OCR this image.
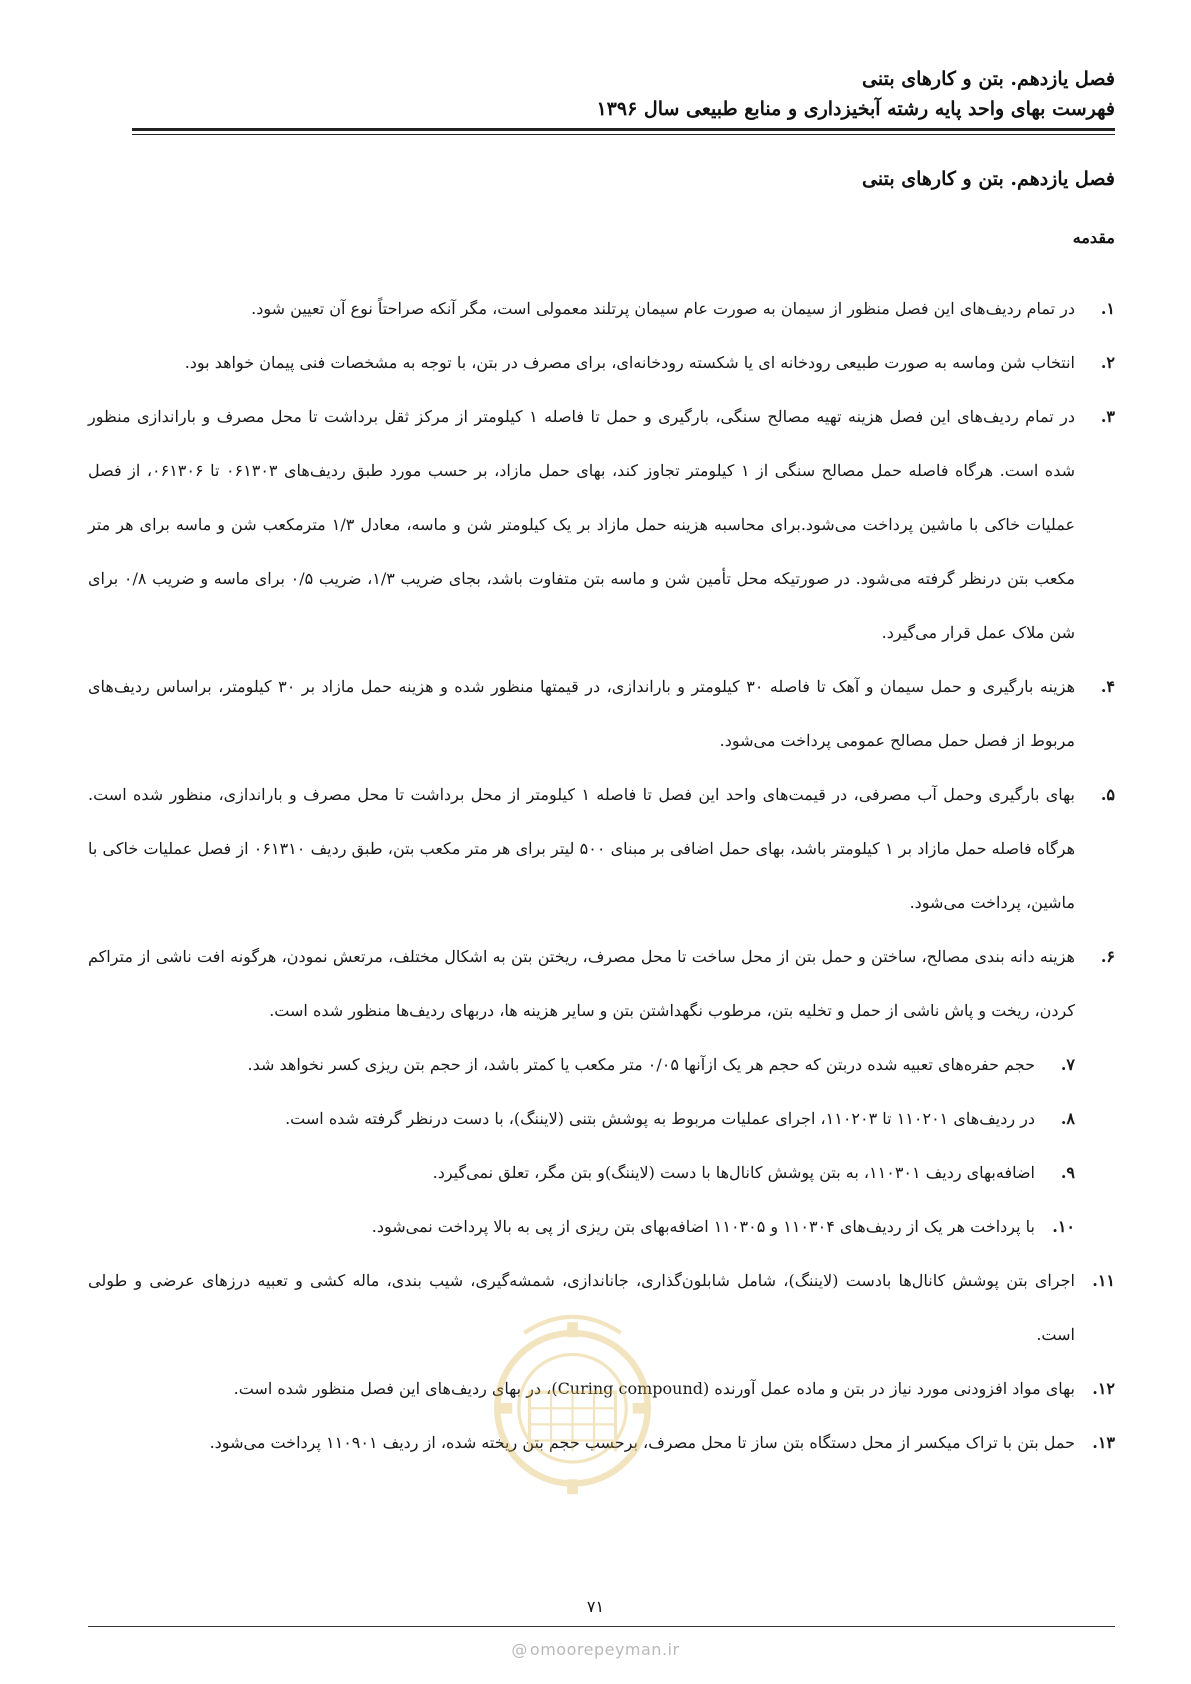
فصل یازدهم. بتن و کارهای بتنی
فهرست بهای واحد پایه رشته آبخیزداری و منابع طبیعی سال ۱۳۹۶
فصل یازدهم. بتن و کارهای بتنی
مقدمه
۱.
در تمام ردیف‌های این فصل منظور از سیمان به صورت عام سیمان پرتلند معمولی است، مگر آنکه صراحتاً نوع آن تعیین شود.
۲.
انتخاب شن وماسه به صورت طبیعی رودخانه ای یا شکسته رودخانه‌ای، برای مصرف در بتن، با توجه به مشخصات فنی پیمان خواهد بود.
۳.
در تمام ردیف‌های این فصل هزینه تهیه مصالح سنگی، بارگیری و حمل تا فاصله ۱ کیلومتر از مرکز ثقل برداشت تا محل مصرف و باراندازی منظور شده است. هرگاه فاصله حمل مصالح سنگی از ۱ کیلومتر تجاوز کند، بهای حمل مازاد، بر حسب مورد طبق ردیف‌های ۰۶۱۳۰۳ تا ۰۶۱۳۰۶، از فصل عملیات خاکی با ماشین پرداخت می‌شود.برای محاسبه هزینه حمل مازاد بر یک کیلومتر شن و ماسه، معادل ۱/۳ مترمکعب شن و ماسه برای هر متر مکعب بتن درنظر گرفته می‌شود. در صورتیکه محل تأمین شن و ماسه بتن متفاوت باشد، بجای ضریب ۱/۳، ضریب ۰/۵ برای ماسه و ضریب ۰/۸ برای شن ملاک عمل قرار می‌گیرد.
۴.
هزینه بارگیری و حمل سیمان و آهک تا فاصله ۳۰ کیلومتر و باراندازی، در قیمتها منظور شده و هزینه حمل مازاد بر ۳۰ کیلومتر، براساس ردیف‌های مربوط از فصل حمل مصالح عمومی پرداخت می‌شود.
۵.
بهای بارگیری وحمل آب مصرفی، در قیمت‌های واحد این فصل تا فاصله ۱ کیلومتر از محل برداشت تا محل مصرف و باراندازی، منظور شده است. هرگاه فاصله حمل مازاد بر ۱ کیلومتر باشد، بهای حمل اضافی بر مبنای ۵۰۰ لیتر برای هر متر مکعب بتن، طبق ردیف ۰۶۱۳۱۰ از فصل عملیات خاکی با ماشین، پرداخت می‌شود.
۶.
هزینه دانه بندی مصالح، ساختن و حمل بتن از محل ساخت تا محل مصرف، ریختن بتن به اشکال مختلف، مرتعش نمودن، هرگونه افت ناشی از متراکم کردن، ریخت و پاش ناشی از حمل و تخلیه بتن، مرطوب نگهداشتن بتن و سایر هزینه ها، دربهای ردیف‌ها منظور شده است.
۷.
حجم حفره‌های تعبیه شده دربتن که حجم هر یک ازآنها ۰/۰۵ متر مکعب یا کمتر باشد، از حجم بتن ریزی کسر نخواهد شد.
۸.
در ردیف‌های ۱۱۰۲۰۱ تا ۱۱۰۲۰۳، اجرای عملیات مربوط به پوشش بتنی (لایننگ)، با دست درنظر گرفته شده است.
۹.
اضافه‌بهای ردیف ۱۱۰۳۰۱، به بتن پوشش کانال‌ها با دست (لایننگ)و بتن مگر، تعلق نمی‌گیرد.
۱۰.
با پرداخت هر یک از ردیف‌های ۱۱۰۳۰۴ و ۱۱۰۳۰۵ اضافه‌بهای بتن ریزی از پی به بالا پرداخت نمی‌شود.
۱۱.
اجرای بتن پوشش کانال‌ها بادست (لایننگ)، شامل شابلون‌گذاری، جاناندازی، شمشه‌گیری، شیب بندی، ماله کشی و تعبیه درزهای عرضی و طولی است.
۱۲.
بهای مواد افزودنی مورد نیاز در بتن و ماده عمل آورنده (Curing compound)، در بهای ردیف‌های این فصل منظور شده است.
۱۳.
حمل بتن با تراک میکسر از محل دستگاه بتن ساز تا محل مصرف، برحسب حجم بتن ریخته شده، از ردیف ۱۱۰۹۰۱ پرداخت می‌شود.
۷۱
@ omoorepeyman.ir
